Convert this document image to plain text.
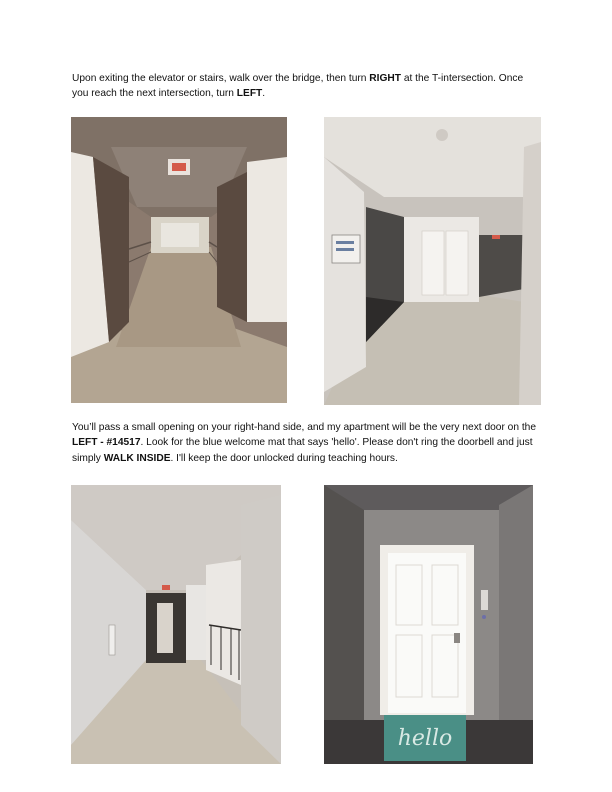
Upon exiting the elevator or stairs, walk over the bridge, then turn RIGHT at the T-intersection. Once you reach the next intersection, turn LEFT.

You’ll pass a small opening on your right-hand side, and my apartment will be the very next door on the LEFT - #14517. Look for the blue welcome mat that says 'hello'. Please don't ring the doorbell and just simply WALK INSIDE. I'll keep the door unlocked during teaching hours.

hello
